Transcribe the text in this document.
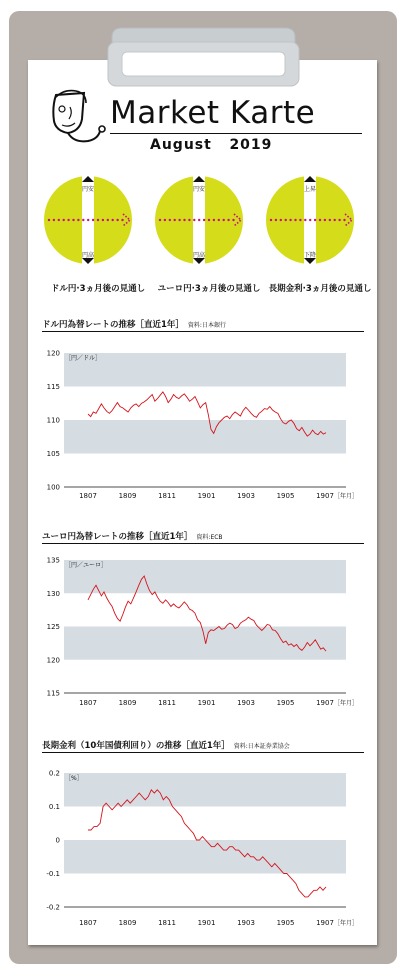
Market Karte
August   2019
円安
円高
ドル円·3ヵ月後の見通し
円安
円高
ユーロ円·3ヵ月後の見通し
上昇
下降
長期金利·3ヵ月後の見通し
ドル円為替レートの推移［直近1年］ 資料:日本銀行
100
105
110
115
120
［円／ドル］
1807	1809	1811	1901	1903	1905	1907 ［年月］
ユーロ円為替レートの推移［直近1年］ 資料:ECB
115
120
125
130
135
［円／ユーロ］
1807	1809	1811	1901	1903	1905	1907 ［年月］
長期金利（10年国債利回り）の推移［直近1年］ 資料:日本証券業協会
-0.2
-0.1
0
0.1
0.2
［%］
1807	1809	1811	1901	1903	1905	1907 ［年月］
